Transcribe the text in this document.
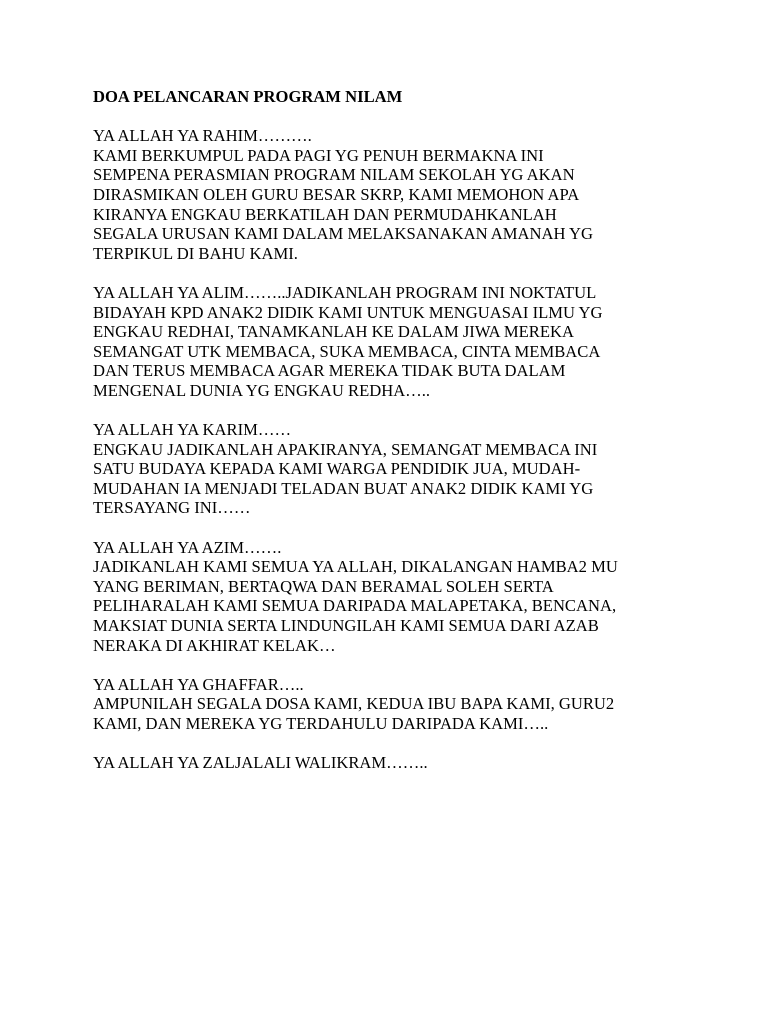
DOA PELANCARAN PROGRAM NILAM
YA ALLAH YA RAHIM……….
KAMI BERKUMPUL PADA PAGI YG PENUH BERMAKNA INI
SEMPENA PERASMIAN PROGRAM NILAM SEKOLAH YG AKAN
DIRASMIKAN OLEH GURU BESAR SKRP, KAMI MEMOHON APA
KIRANYA ENGKAU BERKATILAH DAN PERMUDAHKANLAH
SEGALA URUSAN KAMI DALAM MELAKSANAKAN AMANAH YG
TERPIKUL DI BAHU KAMI.
YA ALLAH YA ALIM……..JADIKANLAH PROGRAM INI NOKTATUL
BIDAYAH KPD ANAK2 DIDIK KAMI UNTUK MENGUASAI ILMU YG
ENGKAU REDHAI, TANAMKANLAH KE DALAM JIWA MEREKA
SEMANGAT UTK MEMBACA, SUKA MEMBACA, CINTA MEMBACA
DAN TERUS MEMBACA AGAR MEREKA TIDAK BUTA DALAM
MENGENAL DUNIA YG ENGKAU REDHA…..
YA ALLAH YA KARIM……
ENGKAU JADIKANLAH APAKIRANYA, SEMANGAT MEMBACA INI
SATU BUDAYA KEPADA KAMI WARGA PENDIDIK JUA, MUDAH-
MUDAHAN IA MENJADI TELADAN BUAT ANAK2 DIDIK KAMI YG
TERSAYANG INI……
YA ALLAH YA AZIM…….
JADIKANLAH KAMI SEMUA YA ALLAH, DIKALANGAN HAMBA2 MU
YANG BERIMAN, BERTAQWA DAN BERAMAL SOLEH SERTA
PELIHARALAH KAMI SEMUA DARIPADA MALAPETAKA, BENCANA,
MAKSIAT DUNIA SERTA LINDUNGILAH KAMI SEMUA DARI AZAB
NERAKA DI AKHIRAT KELAK…
YA ALLAH YA GHAFFAR…..
AMPUNILAH SEGALA DOSA KAMI, KEDUA IBU BAPA KAMI, GURU2
KAMI, DAN MEREKA YG TERDAHULU DARIPADA KAMI…..
YA ALLAH YA ZALJALALI WALIKRAM……..
